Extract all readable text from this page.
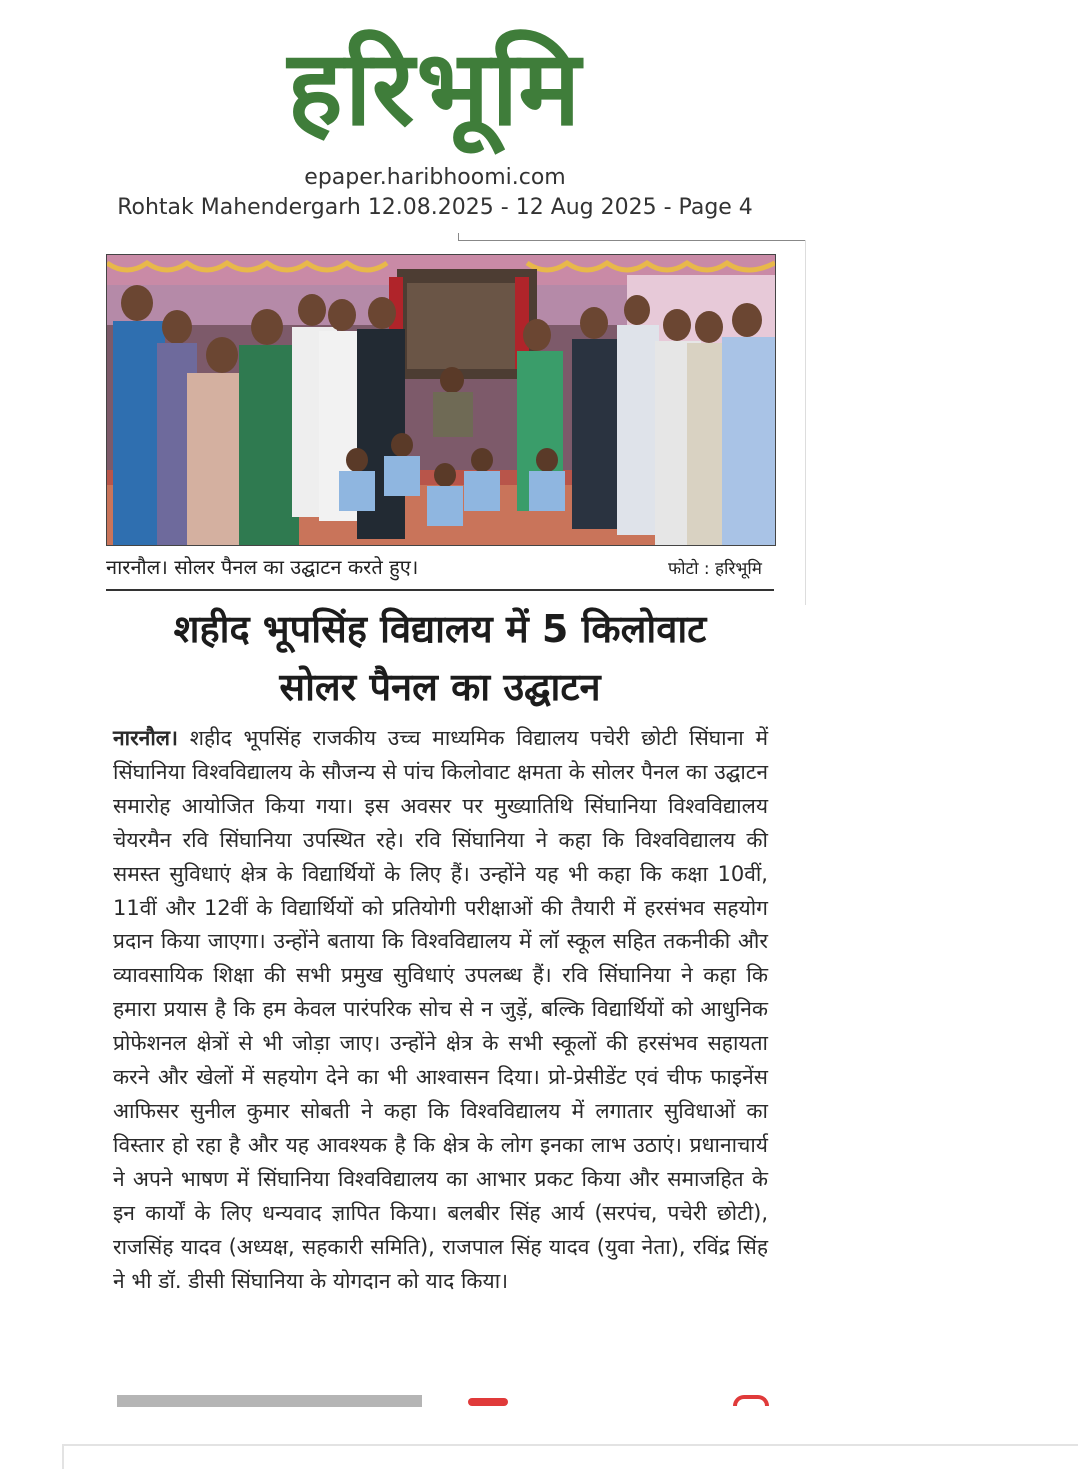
हरिभूमि
epaper.haribhoomi.com
Rohtak Mahendergarh 12.08.2025 - 12 Aug 2025 - Page 4
नारनौल। सोलर पैनल का उद्घाटन करते हुए।	फोटो : हरिभूमि
शहीद भूपसिंह विद्यालय में 5 किलोवाट
सोलर पैनल का उद्घाटन
नारनौल। शहीद भूपसिंह राजकीय उच्च माध्यमिक विद्यालय पचेरी छोटी सिंघाना में सिंघानिया विश्वविद्यालय के सौजन्य से पांच किलोवाट क्षमता के सोलर पैनल का उद्घाटन समारोह आयोजित किया गया। इस अवसर पर मुख्यातिथि सिंघानिया विश्वविद्यालय चेयरमैन रवि सिंघानिया उपस्थित रहे। रवि सिंघानिया ने कहा कि विश्वविद्यालय की समस्त सुविधाएं क्षेत्र के विद्यार्थियों के लिए हैं। उन्होंने यह भी कहा कि कक्षा 10वीं, 11वीं और 12वीं के विद्यार्थियों को प्रतियोगी परीक्षाओं की तैयारी में हरसंभव सहयोग प्रदान किया जाएगा। उन्होंने बताया कि विश्वविद्यालय में लॉ स्कूल सहित तकनीकी और व्यावसायिक शिक्षा की सभी प्रमुख सुविधाएं उपलब्ध हैं। रवि सिंघानिया ने कहा कि हमारा प्रयास है कि हम केवल पारंपरिक सोच से न जुड़ें, बल्कि विद्यार्थियों को आधुनिक प्रोफेशनल क्षेत्रों से भी जोड़ा जाए। उन्होंने क्षेत्र के सभी स्कूलों की हरसंभव सहायता करने और खेलों में सहयोग देने का भी आश्वासन दिया। प्रो-प्रेसीडेंट एवं चीफ फाइनेंस आफिसर सुनील कुमार सोबती ने कहा कि विश्वविद्यालय में लगातार सुविधाओं का विस्तार हो रहा है और यह आवश्यक है कि क्षेत्र के लोग इनका लाभ उठाएं। प्रधानाचार्य ने अपने भाषण में सिंघानिया विश्वविद्यालय का आभार प्रकट किया और समाजहित के इन कार्यों के लिए धन्यवाद ज्ञापित किया। बलबीर सिंह आर्य (सरपंच, पचेरी छोटी), राजसिंह यादव (अध्यक्ष, सहकारी समिति), राजपाल सिंह यादव (युवा नेता), रविंद्र सिंह ने भी डॉ. डीसी सिंघानिया के योगदान को याद किया।
